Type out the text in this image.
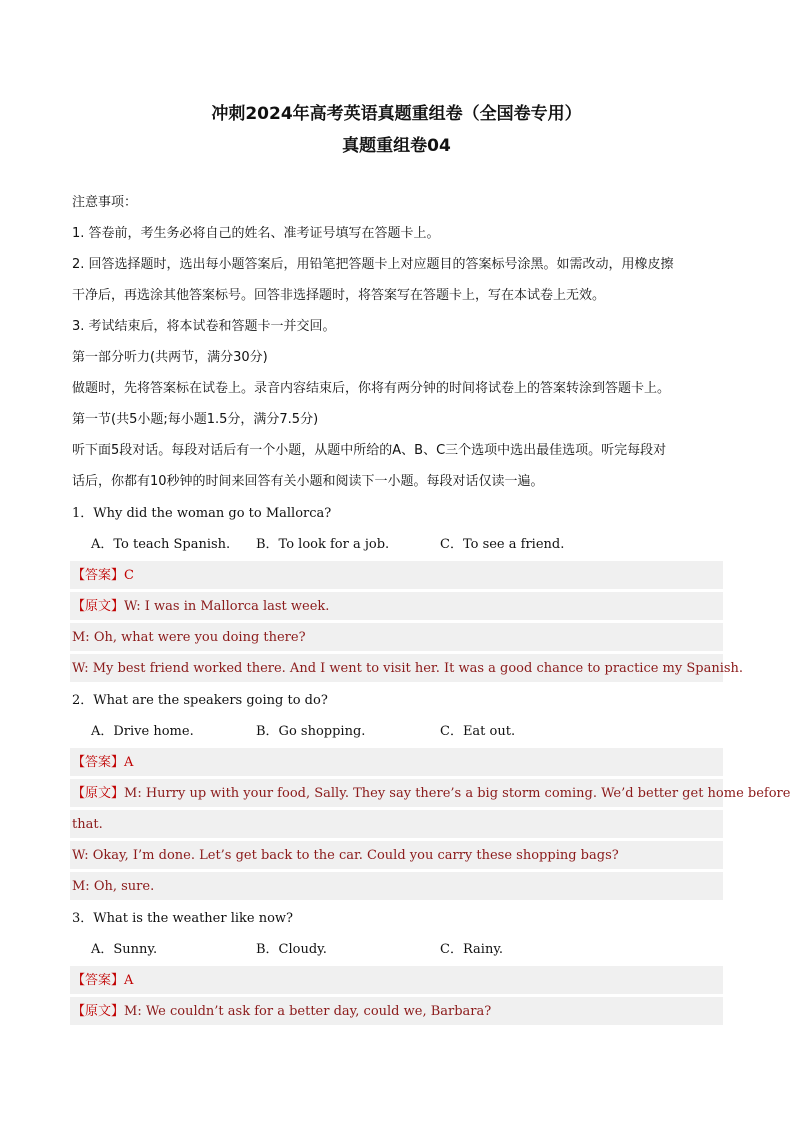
冲刺2024年高考英语真题重组卷（全国卷专用）
真题重组卷04
注意事项：
1. 答卷前，考生务必将自己的姓名、准考证号填写在答题卡上。
2. 回答选择题时，选出每小题答案后，用铅笔把答题卡上对应题目的答案标号涂黑。如需改动，用橡皮擦
干净后，再选涂其他答案标号。回答非选择题时，将答案写在答题卡上，写在本试卷上无效。
3. 考试结束后，将本试卷和答题卡一并交回。
第一部分听力(共两节，满分30分)
做题时，先将答案标在试卷上。录音内容结束后，你将有两分钟的时间将试卷上的答案转涂到答题卡上。
第一节(共5小题;每小题1.5分，满分7.5分)
听下面5段对话。每段对话后有一个小题，从题中所给的A、B、C三个选项中选出最佳选项。听完每段对
话后，你都有10秒钟的时间来回答有关小题和阅读下一小题。每段对话仅读一遍。
1．Why did the woman go to Mallorca?
A．To teach Spanish. B．To look for a job.	C．To see a friend.
【答案】C
【原文】W: I was in Mallorca last week.
M: Oh, what were you doing there?
W: My best friend worked there. And I went to visit her. It was a good chance to practice my Spanish.
2．What are the speakers going to do?
A．Drive home.	B．Go shopping.	C．Eat out.
【答案】A
【原文】M: Hurry up with your food, Sally. They say there’s a big storm coming. We’d better get home before
that.
W: Okay, I’m done. Let’s get back to the car. Could you carry these shopping bags?
M: Oh, sure.
3．What is the weather like now?
A．Sunny.	B．Cloudy.	C．Rainy.
【答案】A
【原文】M: We couldn’t ask for a better day, could we, Barbara?
